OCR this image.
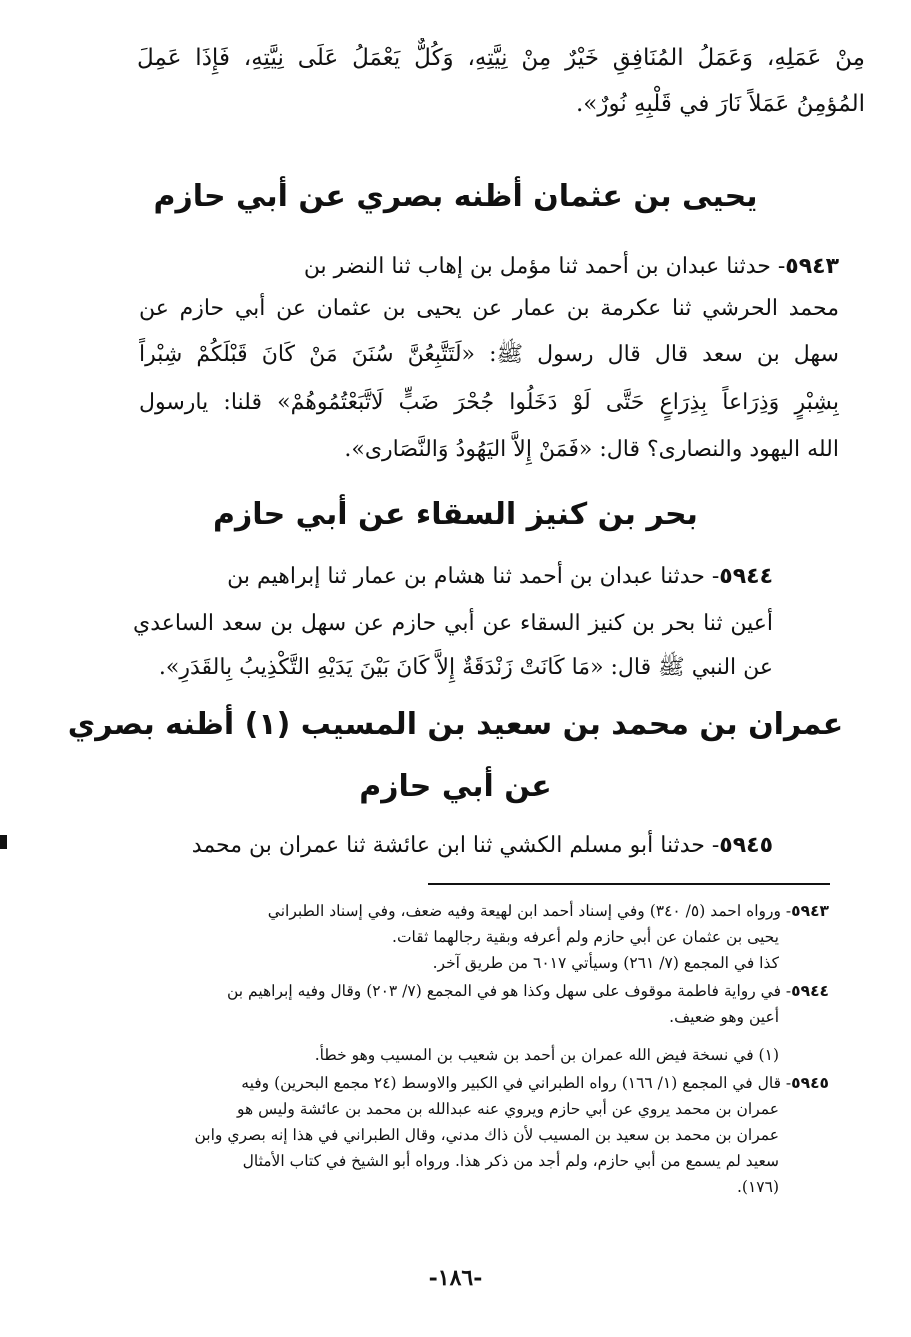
مِنْ عَمَلِهِ، وَعَمَلُ المُنَافِقِ خَيْرٌ مِنْ نِيَّتِهِ، وَكُلٌّ يَعْمَلُ عَلَى نِيَّتِهِ، فَإِذَا عَمِلَ
المُؤمِنُ عَمَلاً نَارَ في قَلْبِهِ نُورٌ».
يحيى بن عثمان أظنه بصري عن أبي حازم
٥٩٤٣- حدثنا عبدان بن أحمد ثنا مؤمل بن إهاب ثنا النضر بن
محمد الحرشي ثنا عكرمة بن عمار عن يحيى بن عثمان عن أبي حازم عن
سهل بن سعد قال قال رسول ﷺ: «لَتَتَّبِعُنَّ سُنَنَ مَنْ كَانَ قَبْلَكُمْ شِبْراً
بِشِبْرٍ وَذِرَاعاً بِذِرَاعٍ حَتَّى لَوْ دَخَلُوا جُحْرَ ضَبٍّ لَاتَّبَعْتُمُوهُمْ» قلنا: يارسول
الله اليهود والنصارى؟ قال: «فَمَنْ إِلاَّ اليَهُودُ وَالنَّصَارى».
بحر بن كنيز السقاء عن أبي حازم
٥٩٤٤- حدثنا عبدان بن أحمد ثنا هشام بن عمار ثنا إبراهيم بن
أعين ثنا بحر بن كنيز السقاء عن أبي حازم عن سهل بن سعد الساعدي
عن النبي ﷺ قال: «مَا كَانَتْ زَنْدَقَةٌ إِلاَّ كَانَ بَيْنَ يَدَيْهِ التَّكْذِيبُ بِالقَدَرِ».
عمران بن محمد بن سعيد بن المسيب (١) أظنه بصري
عن أبي حازم
٥٩٤٥- حدثنا أبو مسلم الكشي ثنا ابن عائشة ثنا عمران بن محمد
٥٩٤٣- ورواه احمد (٥/ ٣٤٠) وفي إسناد أحمد ابن لهيعة وفيه ضعف، وفي إسناد الطبراني
يحيى بن عثمان عن أبي حازم ولم أعرفه وبقية رجالهما ثقات.
كذا في المجمع (٧/ ٢٦١) وسيأتي ٦٠١٧ من طريق آخر.
٥٩٤٤- في رواية فاطمة موقوف على سهل وكذا هو في المجمع (٧/ ٢٠٣) وقال وفيه إبراهيم بن
أعين وهو ضعيف.
(١) في نسخة فيض الله عمران بن أحمد بن شعيب بن المسيب وهو خطأ.
٥٩٤٥- قال في المجمع (١/ ١٦٦) رواه الطبراني في الكبير والاوسط (٢٤ مجمع البحرين) وفيه
عمران بن محمد يروي عن أبي حازم ويروي عنه عبدالله بن محمد بن عائشة وليس هو
عمران بن محمد بن سعيد بن المسيب لأن ذاك مدني، وقال الطبراني في هذا إنه بصري وابن
سعيد لم يسمع من أبي حازم، ولم أجد من ذكر هذا. ورواه أبو الشيخ في كتاب الأمثال
(١٧٦).
-١٨٦-
